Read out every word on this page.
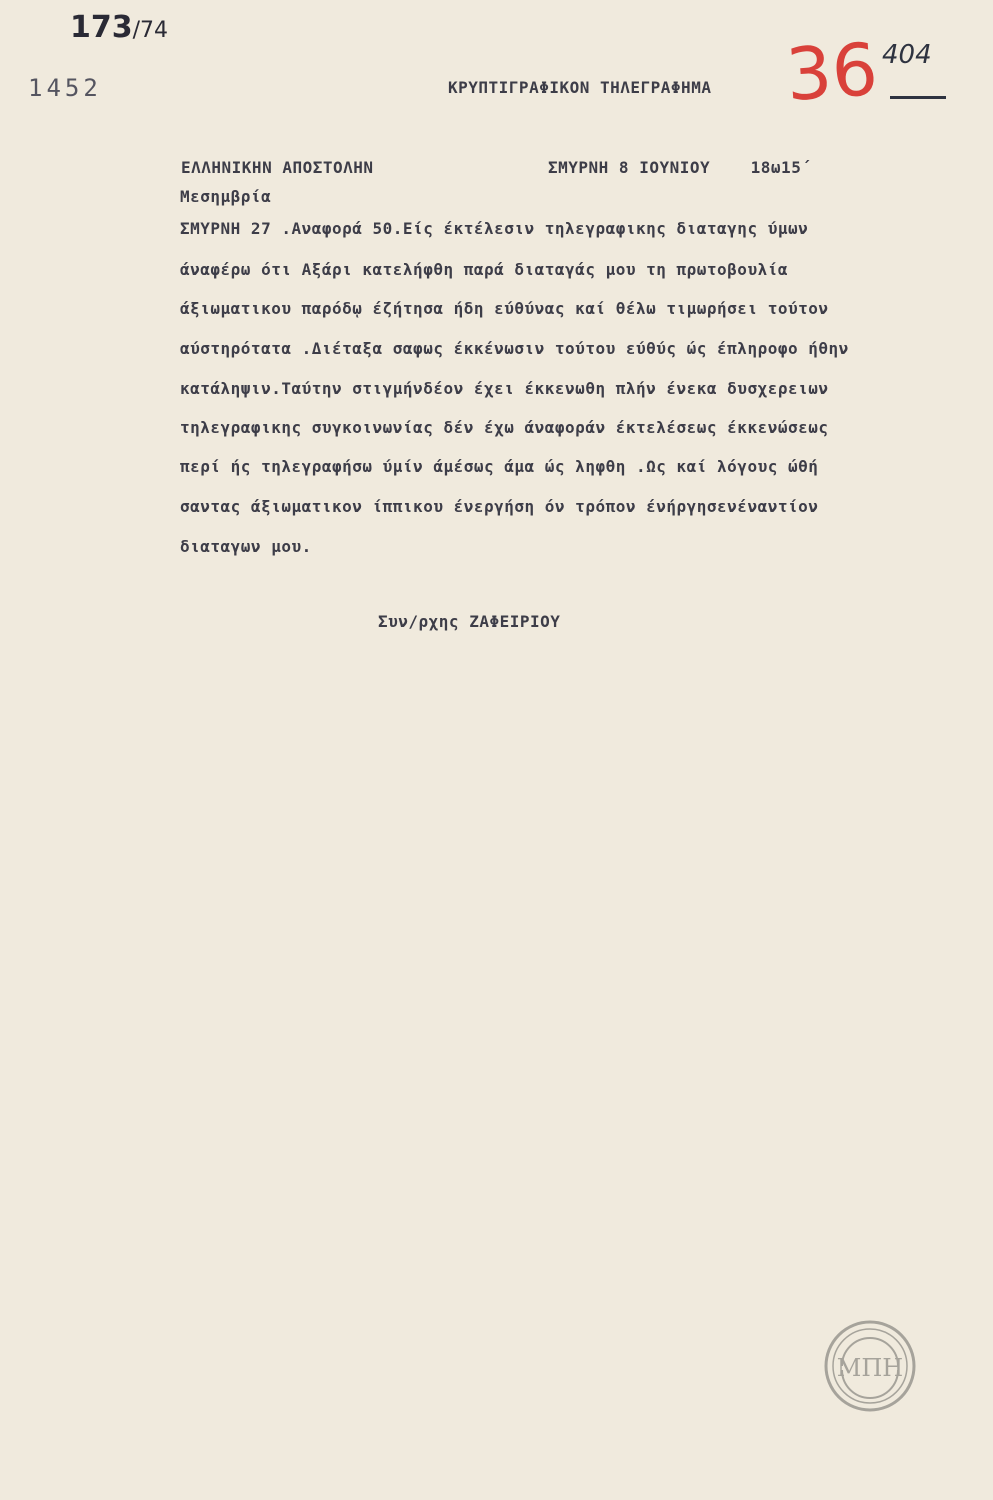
173/74
1452	36 404
ΚΡΥΠΤΙΓΡΑΦΙΚΟΝ ΤΗΛΕΓΡΑΦΗΜΑ
ΕΛΛΗΝΙΚΗΝ ΑΠΟΣΤΟΛΗΝ	ΣΜΥΡΝΗ 8 ΙΟΥΝΙΟΥ	18ω15΄
Μεσημβρία
ΣΜΥΡΝΗ 27 .Αναφορά 50.Είς έκτέλεσιν τηλεγραφικης διαταγης ύμων
άναφέρω ότι Αξάρι κατελήφθη παρά διαταγάς μου τη πρωτοβουλία
άξιωματικου παρόδῳ έζήτησα ήδη εύθύνας καί θέλω τιμωρήσει τούτον
αύστηρότατα .Διέταξα σαφως έκκένωσιν τούτου εύθύς ώς έπληροφο ήθην
κατάληψιν.Ταύτην στιγμήνδέον έχει έκκενωθη πλήν ένεκα δυσχερειων
τηλεγραφικης συγκοινωνίας δέν έχω άναφοράν έκτελέσεως έκκενώσεως
περί ής τηλεγραφήσω ύμίν άμέσως άμα ώς ληφθη .Ως καί λόγους ώθή
σαντας άξιωματικον ίππικου ένεργήση όν τρόπον ένήργησενέναντίον
διαταγων μου.
Συν/ρχης ΖΑΦΕΙΡΙΟΥ
ΜΠΗ
